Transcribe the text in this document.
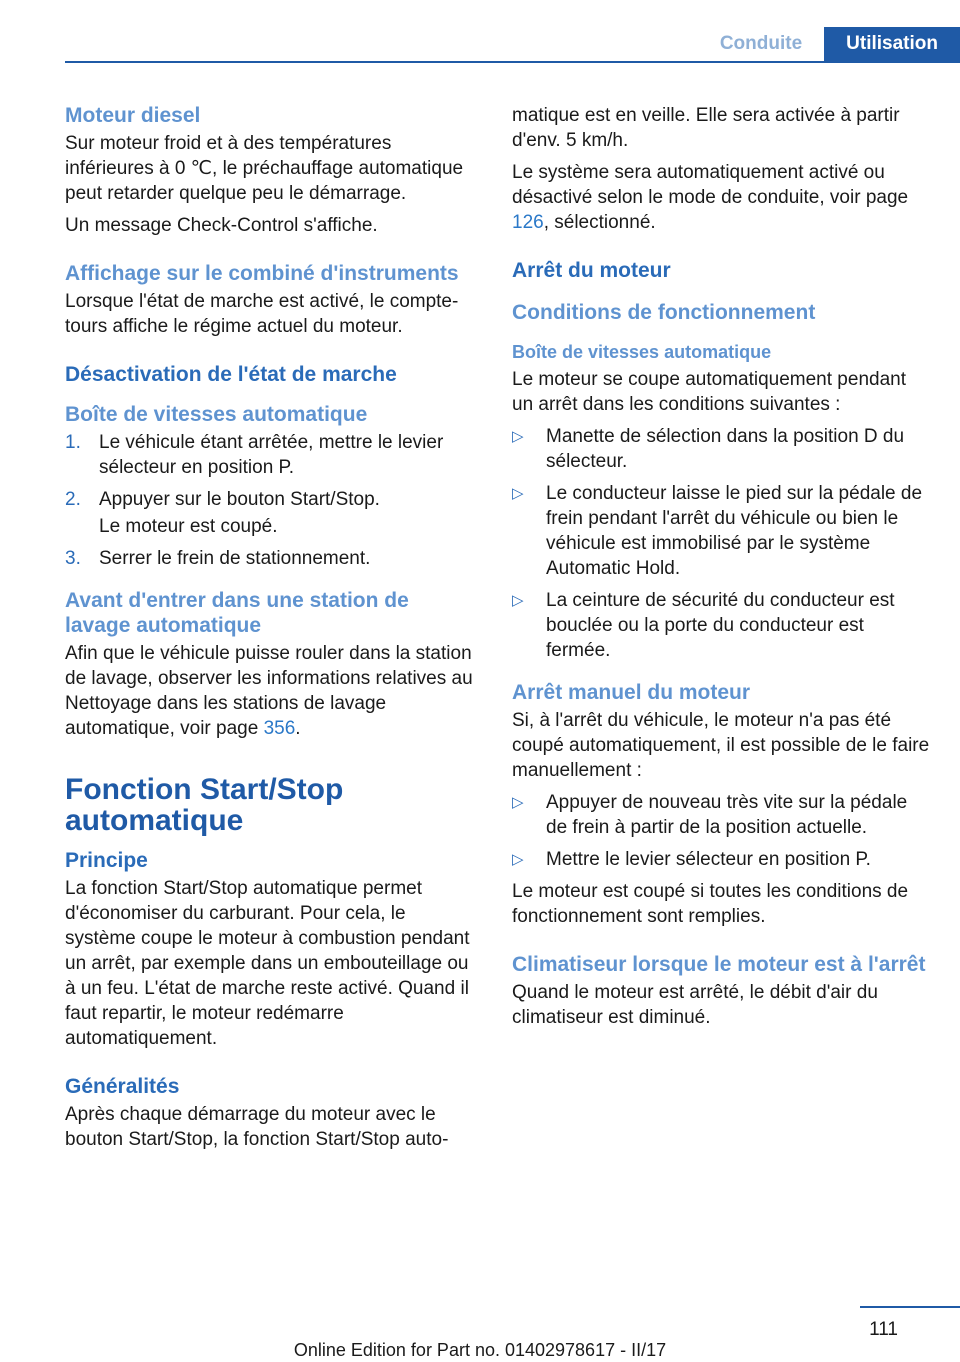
Conduite	Utilisation
Moteur diesel

Sur moteur froid et à des températures inférieures à 0 ℃, le préchauffage automatique peut retarder quelque peu le démarrage.

Un message Check-Control s'affiche.

Affichage sur le combiné d'instruments

Lorsque l'état de marche est activé, le compte-tours affiche le régime actuel du moteur.

Désactivation de l'état de marche
Boîte de vitesses automatique
1. Le véhicule étant arrêtée, mettre le levier sélecteur en position P.
2. Appuyer sur le bouton Start/Stop.

Le moteur est coupé.

3. Serrer le frein de stationnement.
Avant d'entrer dans une station de lavage automatique

Afin que le véhicule puisse rouler dans la station de lavage, observer les informations relatives au Nettoyage dans les stations de lavage automatique, voir page 356.

Fonction Start/Stop automatique
Principe

La fonction Start/Stop automatique permet d'économiser du carburant. Pour cela, le système coupe le moteur à combustion pendant un arrêt, par exemple dans un embouteillage ou à un feu. L'état de marche reste activé. Quand il faut repartir, le moteur redémarre automatiquement.

Généralités

Après chaque démarrage du moteur avec le bouton Start/Stop, la fonction Start/Stop auto-

matique est en veille. Elle sera activée à partir d'env. 5 km/h.

Le système sera automatiquement activé ou désactivé selon le mode de conduite, voir page 126, sélectionné.

Arrêt du moteur
Conditions de fonctionnement
Boîte de vitesses automatique

Le moteur se coupe automatiquement pendant un arrêt dans les conditions suivantes :

▷	Manette de sélection dans la position D du sélecteur.
▷	Le conducteur laisse le pied sur la pédale de frein pendant l'arrêt du véhicule ou bien le véhicule est immobilisé par le système Automatic Hold.
▷	La ceinture de sécurité du conducteur est bouclée ou la porte du conducteur est fermée.
Arrêt manuel du moteur

Si, à l'arrêt du véhicule, le moteur n'a pas été coupé automatiquement, il est possible de le faire manuellement :

▷	Appuyer de nouveau très vite sur la pédale de frein à partir de la position actuelle.
▷	Mettre le levier sélecteur en position P.

Le moteur est coupé si toutes les conditions de fonctionnement sont remplies.

Climatiseur lorsque le moteur est à l'arrêt

Quand le moteur est arrêté, le débit d'air du climatiseur est diminué.

111
Online Edition for Part no. 01402978617 - II/17
